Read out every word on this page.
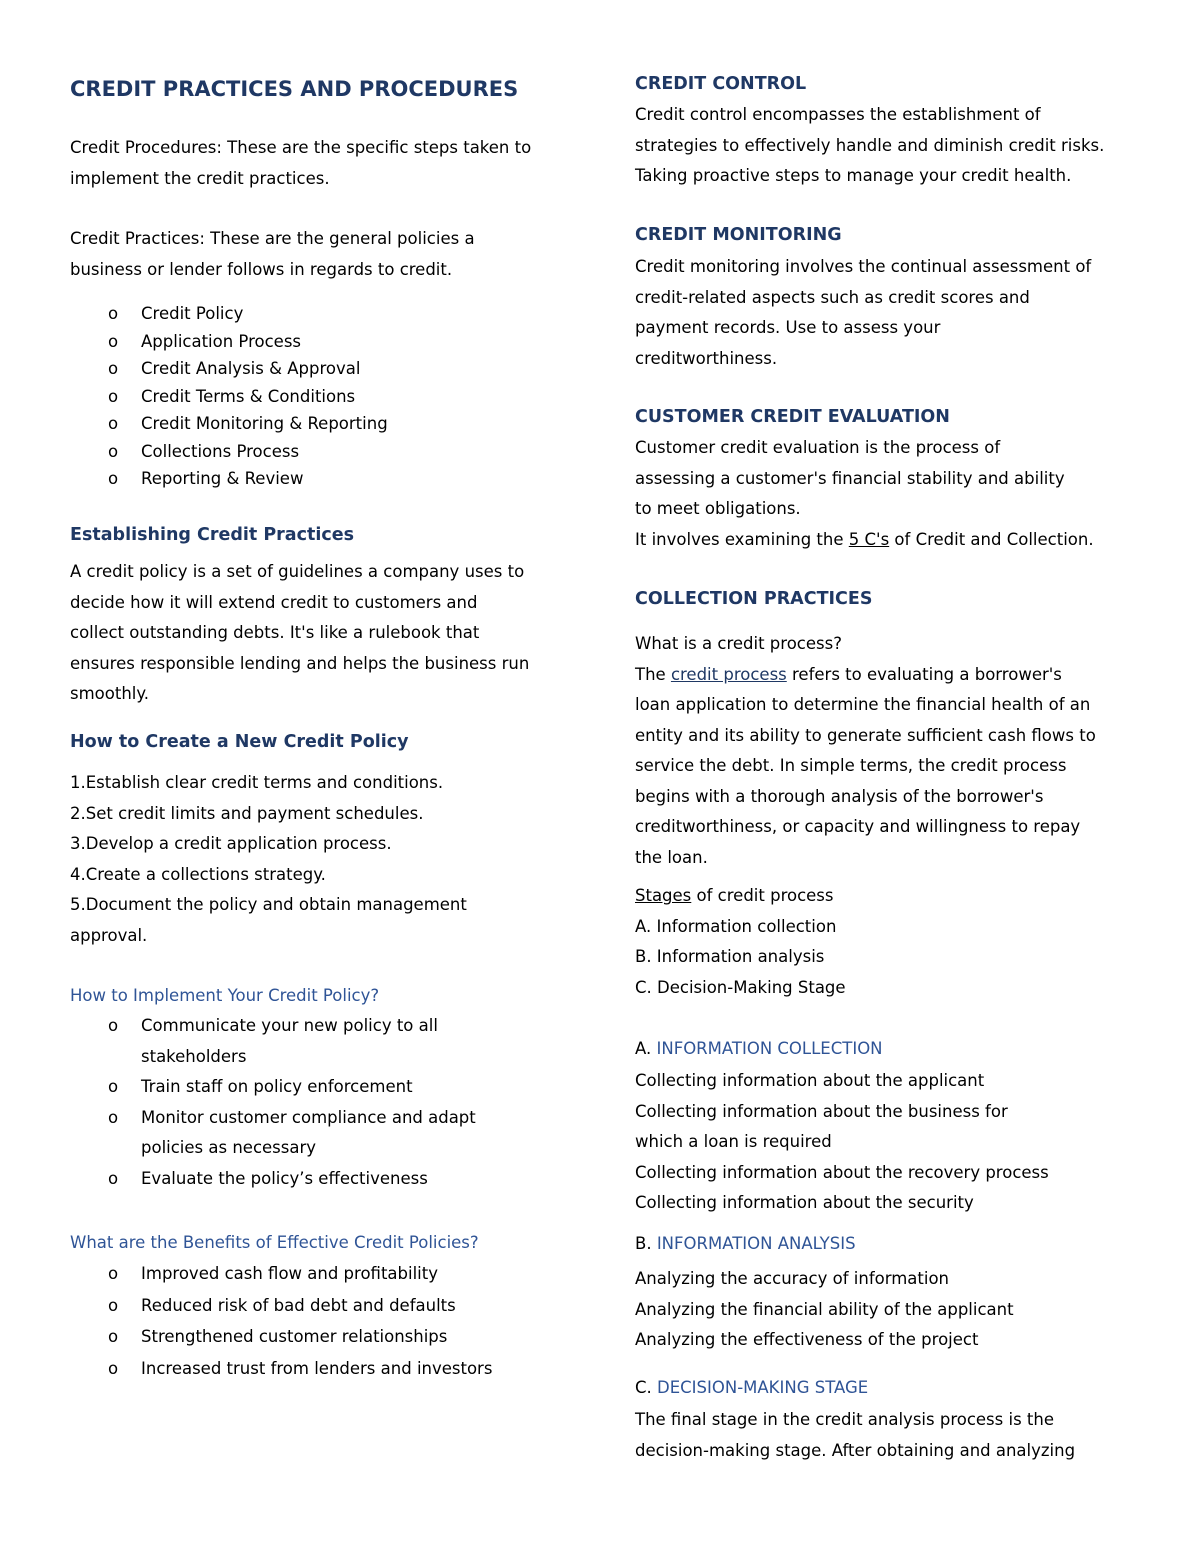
CREDIT PRACTICES AND PROCEDURES

Credit Procedures: These are the specific steps taken to

implement the credit practices.

Credit Practices: These are the general policies a

business or lender follows in regards to credit.

o Credit Policy
o Application Process
o Credit Analysis & Approval
o Credit Terms & Conditions
o Credit Monitoring & Reporting
o Collections Process
o Reporting & Review
Establishing Credit Practices

A credit policy is a set of guidelines a company uses to

decide how it will extend credit to customers and

collect outstanding debts. It's like a rulebook that

ensures responsible lending and helps the business run

smoothly.

How to Create a New Credit Policy

1.Establish clear credit terms and conditions.

2.Set credit limits and payment schedules.

3.Develop a credit application process.

4.Create a collections strategy.

5.Document the policy and obtain management

approval.

How to Implement Your Credit Policy?
o Communicate your new policy to all stakeholders
o Train staff on policy enforcement
o Monitor customer compliance and adapt policies as necessary
o Evaluate the policy’s effectiveness
What are the Benefits of Effective Credit Policies?
o Improved cash flow and profitability
o Reduced risk of bad debt and defaults
o Strengthened customer relationships
o Increased trust from lenders and investors
CREDIT CONTROL

Credit control encompasses the establishment of

strategies to effectively handle and diminish credit risks.

Taking proactive steps to manage your credit health.

CREDIT MONITORING

Credit monitoring involves the continual assessment of

credit-related aspects such as credit scores and

payment records. Use to assess your

creditworthiness.

CUSTOMER CREDIT EVALUATION

Customer credit evaluation is the process of

assessing a customer's financial stability and ability

to meet obligations.

It involves examining the 5 C's of Credit and Collection.

COLLECTION PRACTICES

What is a credit process?

The credit process refers to evaluating a borrower's

loan application to determine the financial health of an

entity and its ability to generate sufficient cash flows to

service the debt. In simple terms, the credit process

begins with a thorough analysis of the borrower's

creditworthiness, or capacity and willingness to repay

the loan.

Stages of credit process

A. Information collection

B. Information analysis

C. Decision-Making Stage

A. INFORMATION COLLECTION

Collecting information about the applicant

Collecting information about the business for

which a loan is required

Collecting information about the recovery process

Collecting information about the security

B. INFORMATION ANALYSIS

Analyzing the accuracy of information

Analyzing the financial ability of the applicant

Analyzing the effectiveness of the project

C. DECISION-MAKING STAGE

The final stage in the credit analysis process is the

decision-making stage. After obtaining and analyzing
